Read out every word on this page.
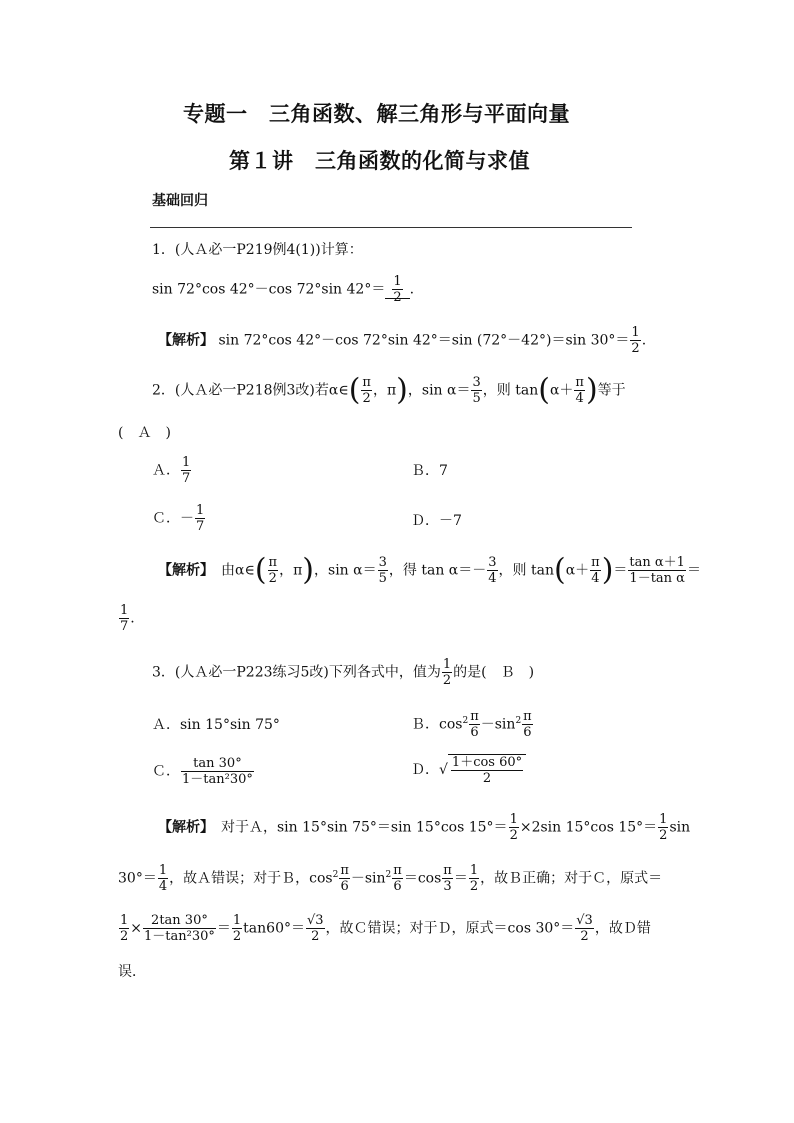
专题一　三角函数、解三角形与平面向量
第１讲　三角函数的化简与求值
基础回归
1．(人Ａ必一P219例4(1))计算：
sin 72°cos 42°－cos 72°sin $42^\circ= \frac{1}{2}$ .
【解析】 sin 72°cos 42°－cos 72°sin 42°＝sin (72°－42°)＝sin $30^\circ= \frac{1}{2}$ .
2．(人Ａ必一P218例3改)若α∈( $\frac{\pi}{2}$ ，π)，$\sin \alpha= \frac{3}{5}$ ，则 $\tan(\alpha+ \frac{\pi}{4}$ )等于
(　Ａ　)
Ａ． $\frac{1}{7}$	Ｂ．7
Ｃ．－ $\frac{1}{7}$	Ｄ．－7
【解析】　 由α∈( $\frac{\pi}{2}$ ，π)，$\sin \alpha= \frac{3}{5}$ ，得 $\tan \alpha=- \frac{3}{4}$ ，则 $\tan(\alpha+ \frac{\pi}{4}$ )＝ $\frac{\text{tan α＋1}}{\text{1－tan α}}$ ＝
$\frac{1}{7}$ .
3．(人Ａ必一P223练习5改)下列各式中，值为 $\frac{1}{2}$ 的是(　Ｂ　)
Ａ．sin 15°sin 75°	Ｂ．$\cos^2 \frac{\pi}{6} -\sin^2 \frac{\pi}{6}$
Ｃ． $\frac{\tan 30^\circ}{\text{1－tan²30°}}$	Ｄ．√ $\frac{1+\cos 60^\circ}{2}$
【解析】　 对于Ａ，sin 15°sin 75°＝sin 15°cos $15^\circ= \frac{1}{2} \times 2\sin$ 15°cos $15^\circ= \frac{1}{2}$ sin
$30^\circ= \frac{1}{4}$ ，故Ａ错误；对于Ｂ，$\cos^2 \frac{\pi}{6} -\sin^2 \frac{\pi}{6} =\cos \frac{\pi}{3} = \frac{1}{2}$ ，故Ｂ正确；对于Ｃ，原式＝
$\frac{1}{2} \times \frac{2\tan 30^\circ}{\text{1－tan²30°}} = \frac{1}{2} \tan 60^\circ= \frac{√3}{2}$ ，故Ｃ错误；对于Ｄ，原式＝cos $30^\circ= \frac{√3}{2}$ ，故Ｄ错
误．
